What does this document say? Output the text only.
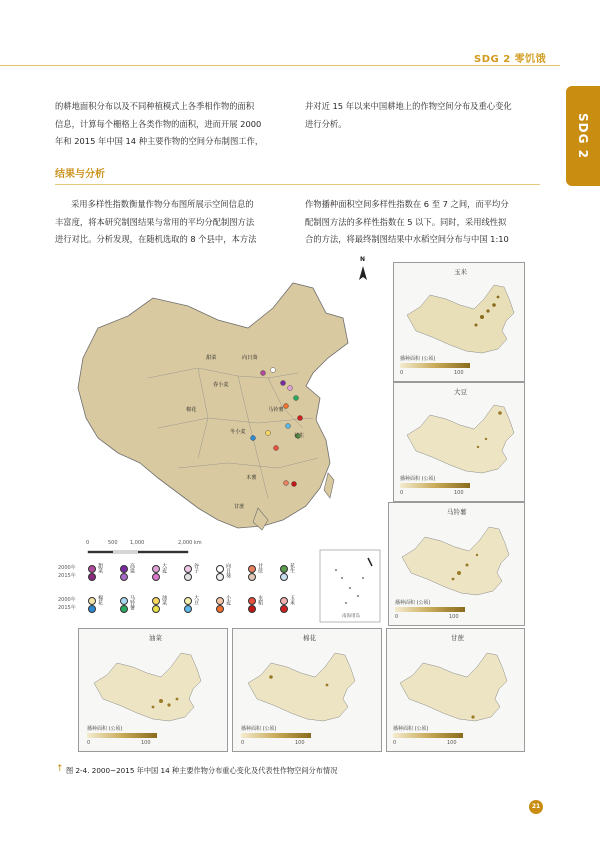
SDG 2 零饥饿
SDG 2
的耕地面积分布以及不同种植模式上各季相作物的面积
信息，计算每个栅格上各类作物的面积，进而开展 2000
年和 2015 年中国 14 种主要作物的空间分布制图工作，
并对近 15 年以来中国耕地上的作物空间分布及重心变化
进行分析。
结果与分析
采用多样性指数衡量作物分布图所展示空间信息的
丰富度，将本研究制图结果与常用的平均分配制图方法
进行对比。分析发现，在随机选取的 8 个县中，本方法
作物播种面积空间多样性指数在 6 至 7 之间，而平均分
配制图方法的多样性指数在 5 以下。同时，采用线性拟
合的方法，将最终制图结果中水稻空间分布与中国 1:10
N
甜菜	向日葵
春小麦
棉花
冬小麦
木薯
甘蔗
花生
马铃薯
0	500 1,000	2,000 km
南海诸岛
2000年
2015年
2000年
2015年
甜菜	高粱	大麦	谷子	向日葵	甘蔗	花生
棉花	马铃薯	油菜	大豆	小麦	水稻	玉米
玉米
播种面积 (公顷)
0	100
大豆
播种面积 (公顷)
0	100
马铃薯
播种面积 (公顷)
0	100
油菜
播种面积 (公顷)
0	100
棉花
播种面积 (公顷)
0	100
甘蔗
播种面积 (公顷)
0	100
↑ 图 2-4. 2000~2015 年中国 14 种主要作物分布重心变化及代表性作物空间分布情况
21
